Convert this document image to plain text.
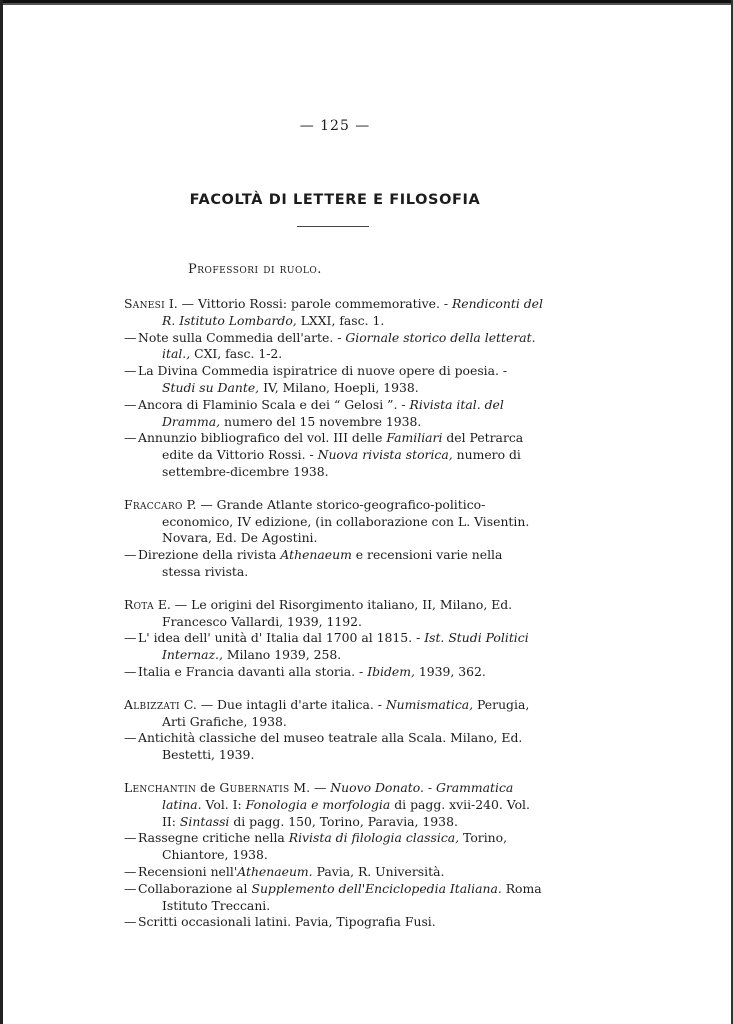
— 125 —
FACOLTÀ DI LETTERE E FILOSOFIA
Professori di ruolo.
Sanesi I. — Vittorio Rossi: parole commemorative. - Rendiconti del R. Istituto Lombardo, LXXI, fasc. 1.
— Note sulla Commedia dell'arte. - Giornale storico della letterat. ital., CXI, fasc. 1-2.
— La Divina Commedia ispiratrice di nuove opere di poesia. - Studi su Dante, IV, Milano, Hoepli, 1938.
— Ancora di Flaminio Scala e dei “ Gelosi ”. - Rivista ital. del Dramma, numero del 15 novembre 1938.
— Annunzio bibliografico del vol. III delle Familiari del Petrarca edite da Vittorio Rossi. - Nuova rivista storica, numero di settembre-dicembre 1938.
Fraccaro P. — Grande Atlante storico-geografico-politico-economico, IV edizione, (in collaborazione con L. Visentin. Novara, Ed. De Agostini.
— Direzione della rivista Athenaeum e recensioni varie nella stessa rivista.
Rota E. — Le origini del Risorgimento italiano, II, Milano, Ed. Francesco Vallardi, 1939, 1192.
— L' idea dell' unità d' Italia dal 1700 al 1815. - Ist. Studi Politici Internaz., Milano 1939, 258.
— Italia e Francia davanti alla storia. - Ibidem, 1939, 362.
Albizzati C. — Due intagli d'arte italica. - Numismatica, Perugia, Arti Grafiche, 1938.
— Antichità classiche del museo teatrale alla Scala. Milano, Ed. Bestetti, 1939.
Lenchantin de Gubernatis M. — Nuovo Donato. - Grammatica latina. Vol. I: Fonologia e morfologia di pagg. xvii-240. Vol. II: Sintassi di pagg. 150, Torino, Paravia, 1938.
— Rassegne critiche nella Rivista di filologia classica, Torino, Chiantore, 1938.
— Recensioni nell'Athenaeum. Pavia, R. Università.
— Collaborazione al Supplemento dell'Enciclopedia Italiana. Roma Istituto Treccani.
— Scritti occasionali latini. Pavia, Tipografia Fusi.
